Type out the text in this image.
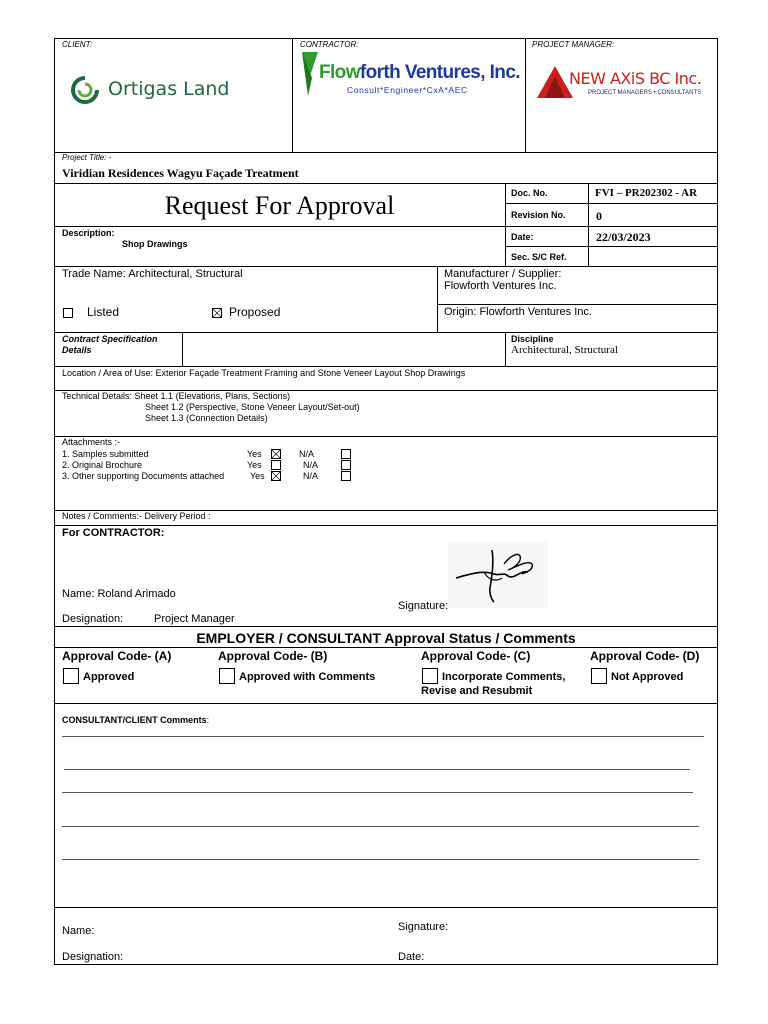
CLIENT:	CONTRACTOR:	PROJECT MANAGER:
Ortigas Land
Flowforth Ventures, Inc.
Consult*Engineer*CxA*AEC
NEW AXiS BC Inc.
PROJECT MANAGERS • CONSULTANTS
Project Title: -
Viridian Residences Wagyu Façade Treatment
Request For Approval	Doc. No.	FVI – PR202302 - AR
Revision No.	0
Date:	22/03/2023
Sec. S/C Ref.
Description:
Shop Drawings
Trade Name: Architectural, Structural	Manufacturer / Supplier:
Flowforth Ventures Inc.
Listed	Proposed	Origin: Flowforth Ventures Inc.
Contract Specification
Details
Discipline
Architectural, Structural
Location / Area of Use: Exterior Façade Treatment Framing and Stone Veneer Layout Shop Drawings
Technical Details: Sheet 1.1 (Elevations, Plans, Sections)
Sheet 1.2 (Perspective, Stone Veneer Layout/Set-out)
Sheet 1.3 (Connection Details)
Attachments :-
1. Samples submitted	Yes	N/A
2. Original Brochure	Yes	N/A
3. Other supporting Documents attached	Yes	N/A
Notes / Comments:- Delivery Period :
For CONTRACTOR:
Name: Roland Arimado
Designation:	Project Manager
Signature:
EMPLOYER / CONSULTANT Approval Status / Comments
Approval Code- (A)	Approval Code- (B)	Approval Code- (C)	Approval Code- (D)
Approved	Approved with Comments	Incorporate Comments,
Revise and Resubmit
Not Approved
CONSULTANT/CLIENT Comments:
Name:
Designation:
Signature:
Date:
